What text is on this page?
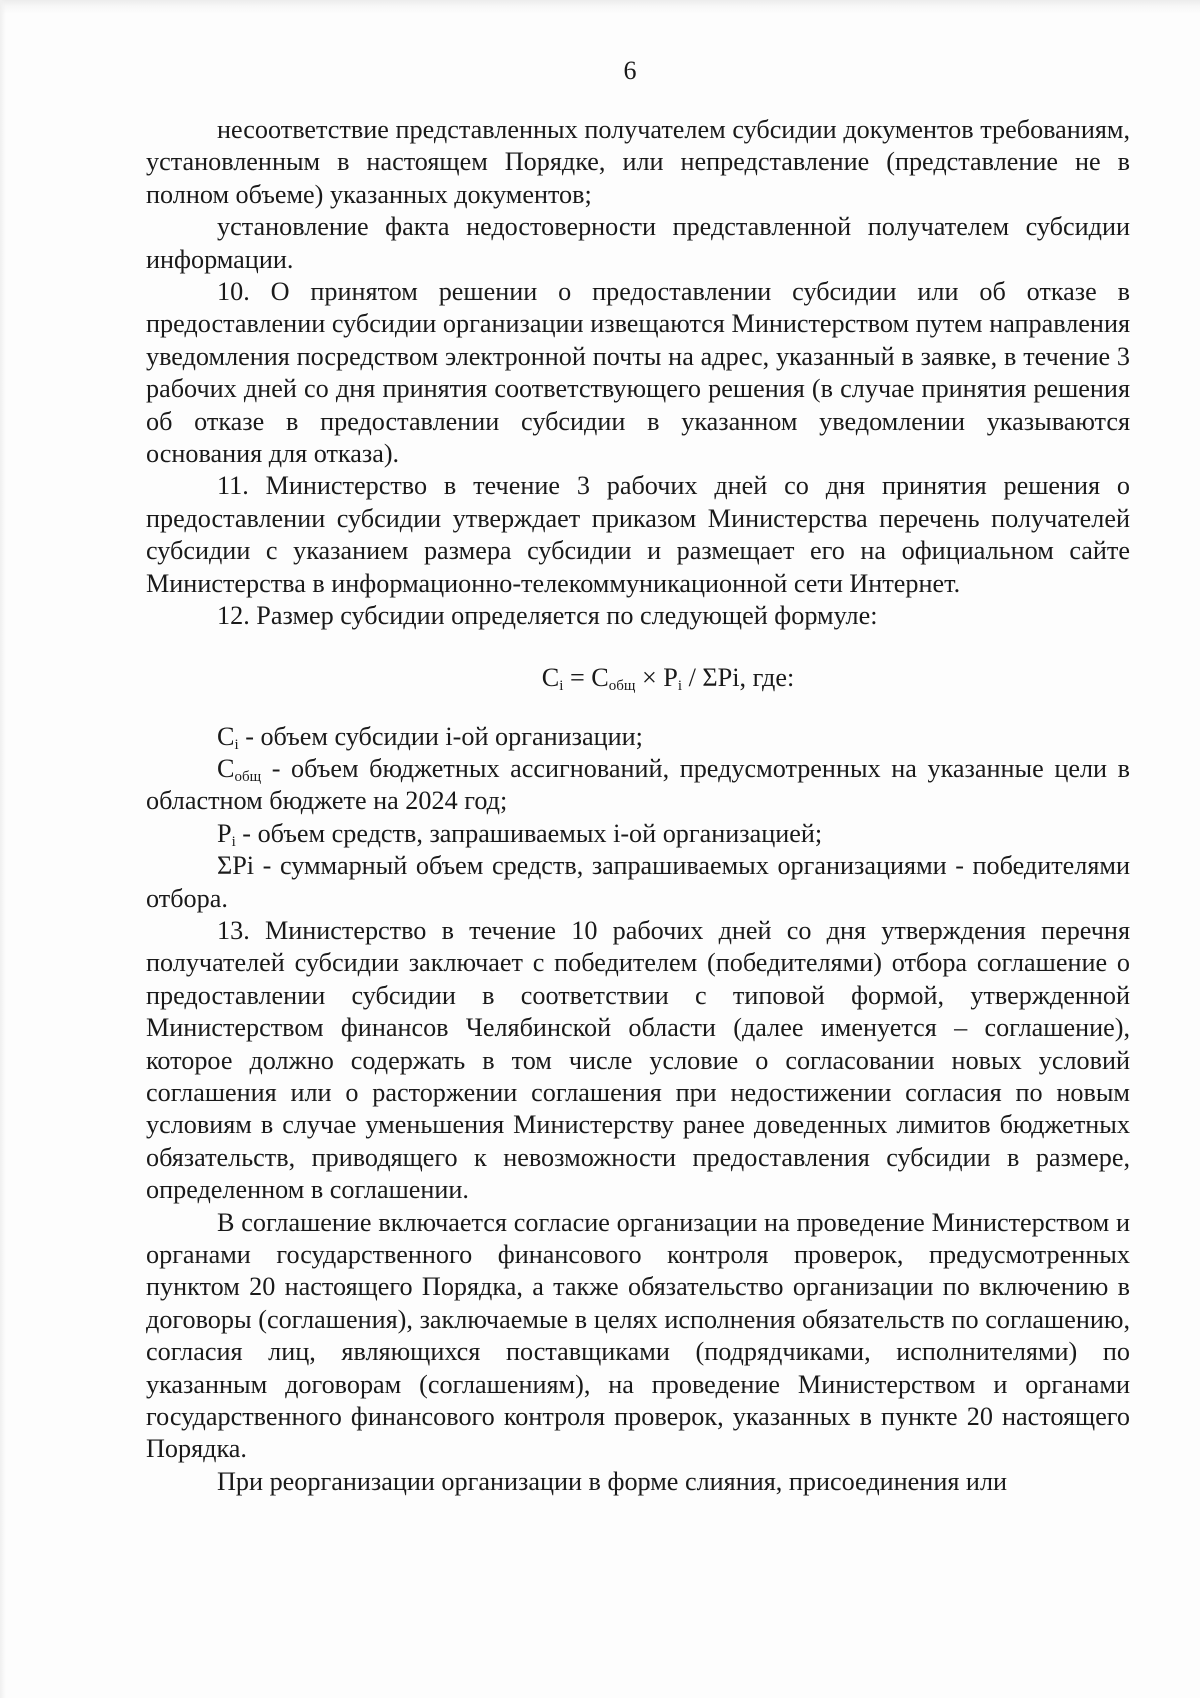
6

несоответствие представленных получателем субсидии документов требованиям, установленным в настоящем Порядке, или непредставление (представление не в полном объеме) указанных документов;

установление факта недостоверности представленной получателем субсидии информации.

10. О принятом решении о предоставлении субсидии или об отказе в предоставлении субсидии организации извещаются Министерством путем направления уведомления посредством электронной почты на адрес, указанный в заявке, в течение 3 рабочих дней со дня принятия соответствующего решения (в случае принятия решения об отказе в предоставлении субсидии в указанном уведомлении указываются основания для отказа).

11. Министерство в течение 3 рабочих дней со дня принятия решения о предоставлении субсидии утверждает приказом Министерства перечень получателей субсидии с указанием размера субсидии и размещает его на официальном сайте Министерства в информационно-телекоммуникационной сети Интернет.

12. Размер субсидии определяется по следующей формуле:

$C_i = C_{общ} \times P_i / \Sigma Pi$, где:

$C_i$ - объем субсидии i-ой организации;

$C_{общ}$ - объем бюджетных ассигнований, предусмотренных на указанные цели в областном бюджете на 2024 год;

$P_i$ - объем средств, запрашиваемых i-ой организацией;

ΣPi - суммарный объем средств, запрашиваемых организациями - победителями отбора.

13. Министерство в течение 10 рабочих дней со дня утверждения перечня получателей субсидии заключает с победителем (победителями) отбора соглашение о предоставлении субсидии в соответствии с типовой формой, утвержденной Министерством финансов Челябинской области (далее именуется – соглашение), которое должно содержать в том числе условие о согласовании новых условий соглашения или о расторжении соглашения при недостижении согласия по новым условиям в случае уменьшения Министерству ранее доведенных лимитов бюджетных обязательств, приводящего к невозможности предоставления субсидии в размере, определенном в соглашении.

В соглашение включается согласие организации на проведение Министерством и органами государственного финансового контроля проверок, предусмотренных пунктом 20 настоящего Порядка, а также обязательство организации по включению в договоры (соглашения), заключаемые в целях исполнения обязательств по соглашению, согласия лиц, являющихся поставщиками (подрядчиками, исполнителями) по указанным договорам (соглашениям), на проведение Министерством и органами государственного финансового контроля проверок, указанных в пункте 20 настоящего Порядка.

При реорганизации организации в форме слияния, присоединения или
